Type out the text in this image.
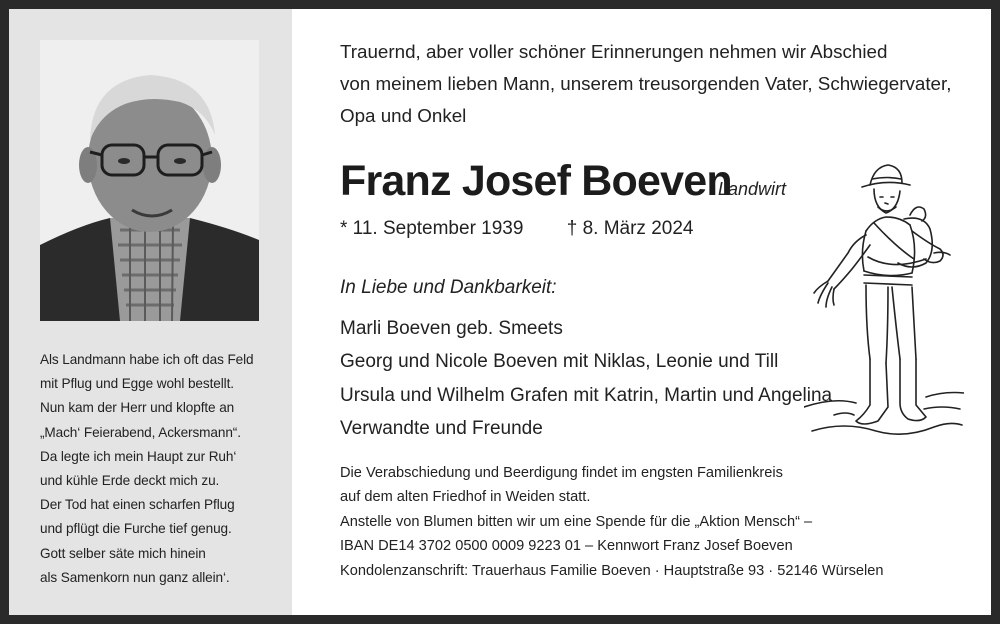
Als Landmann habe ich oft das Feld
mit Pflug und Egge wohl bestellt.
Nun kam der Herr und klopfte an
„Mach‘ Feierabend, Ackersmann“.
Da legte ich mein Haupt zur Ruh‘
und kühle Erde deckt mich zu.
Der Tod hat einen scharfen Pflug
und pflügt die Furche tief genug.
Gott selber säte mich hinein
als Samenkorn nun ganz allein‘.
Trauernd, aber voller schöner Erinnerungen nehmen wir Abschied
von meinem lieben Mann, unserem treusorgenden Vater, Schwiegervater,
Opa und Onkel
Franz Josef Boeven
Landwirt
* 11. September 1939 † 8. März 2024
In Liebe und Dankbarkeit:
Marli Boeven geb. Smeets
Georg und Nicole Boeven mit Niklas, Leonie und Till
Ursula und Wilhelm Grafen mit Katrin, Martin und Angelina
Verwandte und Freunde
Die Verabschiedung und Beerdigung findet im engsten Familienkreis
auf dem alten Friedhof in Weiden statt.
Anstelle von Blumen bitten wir um eine Spende für die „Aktion Mensch“ –
IBAN DE14 3702 0500 0009 9223 01 – Kennwort Franz Josef Boeven
Kondolenzanschrift: Trauerhaus Familie Boeven · Hauptstraße 93 · 52146 Würselen
